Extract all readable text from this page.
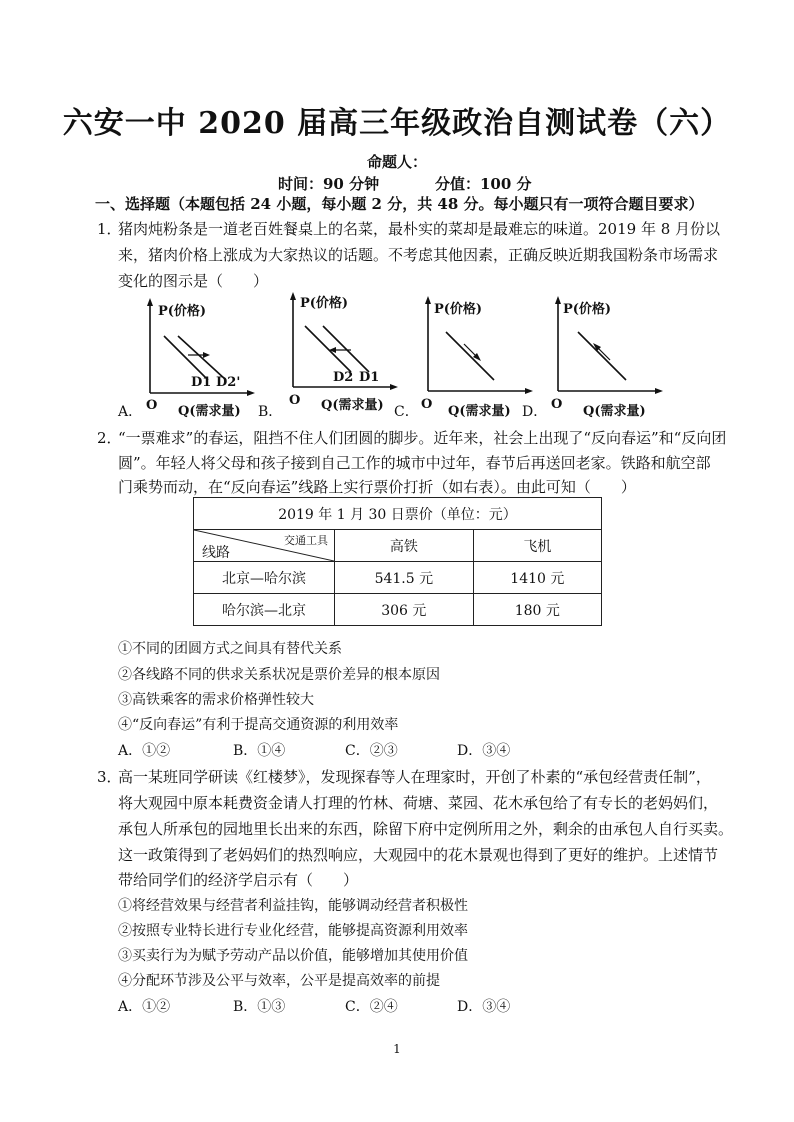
六安一中 2020 届高三年级政治自测试卷（六）
命题人：
时间：90 分钟	分值：100 分
一、选择题（本题包括 24 小题，每小题 2 分，共 48 分。每小题只有一项符合题目要求）
1．
猪肉炖粉条是一道老百姓餐桌上的名菜，最朴实的菜却是最难忘的味道。2019 年 8 月份以
来，猪肉价格上涨成为大家热议的话题。不考虑其他因素，正确反映近期我国粉条市场需求
变化的图示是（　　）
A．
P(价格)
D1 D2'
O Q(需求量) B．
P(价格)
D2 D1
O Q(需求量) C．
P(价格)
O Q(需求量) D．
P(价格)
O Q(需求量)
2．
“一票难求”的春运，阻挡不住人们团圆的脚步。近年来，社会上出现了“反向春运”和“反向团
圆”。年轻人将父母和孩子接到自己工作的城市中过年，春节后再送回老家。铁路和航空部
门乘势而动，在“反向春运”线路上实行票价打折（如右表）。由此可知（　　）
2019 年 1 月 30 日票价（单位：元）		

线路
交通工具	高铁	飞机
北京—哈尔滨	541.5 元	1410 元
哈尔滨—北京	306 元	180 元
①不同的团圆方式之间具有替代关系
②各线路不同的供求关系状况是票价差异的根本原因
③高铁乘客的需求价格弹性较大
④“反向春运”有利于提高交通资源的利用效率
A．①②	B．①④	C．②③	D．③④
3．
高一某班同学研读《红楼梦》，发现探春等人在理家时，开创了朴素的“承包经营责任制”，
将大观园中原本耗费资金请人打理的竹林、荷塘、菜园、花木承包给了有专长的老妈妈们，
承包人所承包的园地里长出来的东西，除留下府中定例所用之外，剩余的由承包人自行买卖。
这一政策得到了老妈妈们的热烈响应，大观园中的花木景观也得到了更好的维护。上述情节
带给同学们的经济学启示有（　　）
①将经营效果与经营者利益挂钩，能够调动经营者积极性
②按照专业特长进行专业化经营，能够提高资源利用效率
③买卖行为为赋予劳动产品以价值，能够增加其使用价值
④分配环节涉及公平与效率，公平是提高效率的前提
A．①②	B．①③	C．②④	D．③④
1
